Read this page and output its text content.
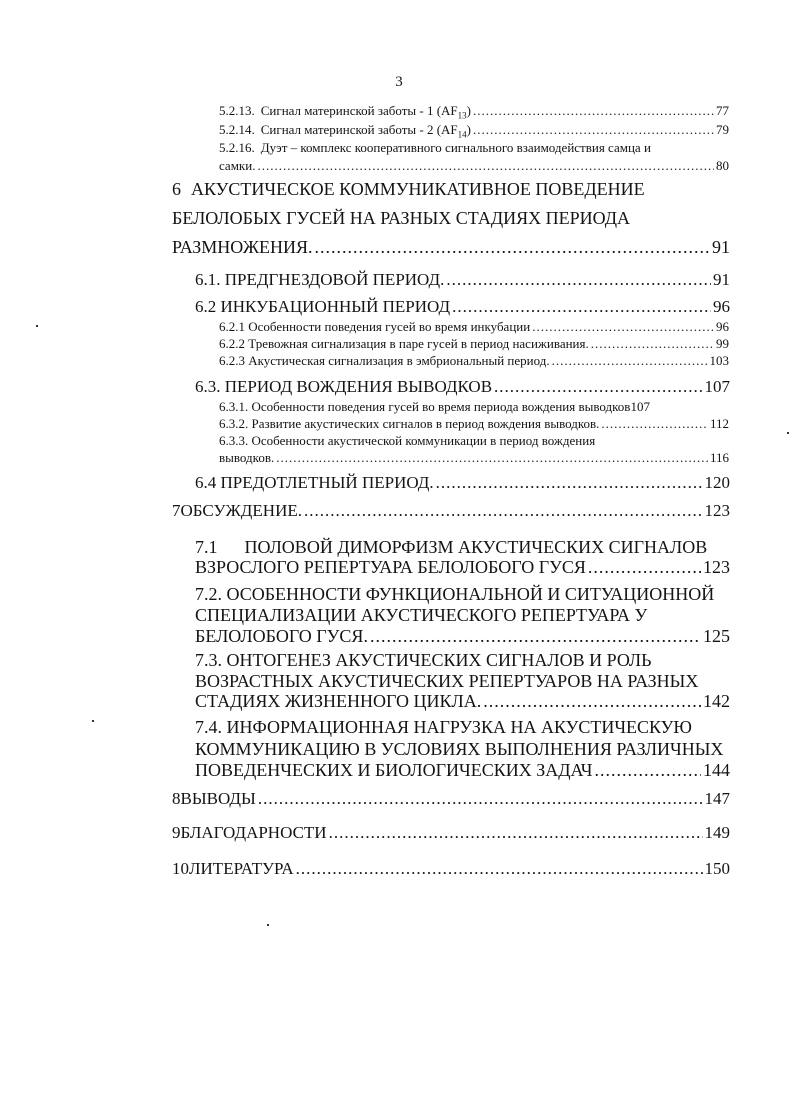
3
5.2.13. Сигнал материнской заботы - 1 $(AF_{13})$ .....	77
5.2.14. Сигнал материнской заботы - 2 $(AF_{14})$ .....	79
5.2.16. Дуэт – комплекс кооперативного сигнального взаимодействия самца и
самки. .....	80
6 АКУСТИЧЕСКОЕ КОММУНИКАТИВНОЕ ПОВЕДЕНИЕ
БЕЛОЛОБЫХ ГУСЕЙ НА РАЗНЫХ СТАДИЯХ ПЕРИОДА
РАЗМНОЖЕНИЯ. .....	91
6.1. ПРЕДГНЕЗДОВОЙ ПЕРИОД. .....	91
6.2 ИНКУБАЦИОННЫЙ ПЕРИОД .....	96
6.2.1 Особенности поведения гусей во время инкубации .....	96
6.2.2 Тревожная сигнализация в паре гусей в период насиживания. .....	99
6.2.3 Акустическая сигнализация в эмбриональный период. .....	103
6.3. ПЕРИОД ВОЖДЕНИЯ ВЫВОДКОВ .....	107
6.3.1. Особенности поведения гусей во время периода вождения выводков 107
6.3.2. Развитие акустических сигналов в период вождения выводков. .....	112
6.3.3. Особенности акустической коммуникации в период вождения
выводков. .....	116
6.4 ПРЕДОТЛЕТНЫЙ ПЕРИОД. .....	120
7 ОБСУЖДЕНИЕ. .....	123
7.1      ПОЛОВОЙ ДИМОРФИЗМ АКУСТИЧЕСКИХ СИГНАЛОВ
ВЗРОСЛОГО РЕПЕРТУАРА БЕЛОЛОБОГО ГУСЯ .....	123
7.2. ОСОБЕННОСТИ ФУНКЦИОНАЛЬНОЙ И СИТУАЦИОННОЙ
СПЕЦИАЛИЗАЦИИ АКУСТИЧЕСКОГО РЕПЕРТУАРА У
БЕЛОЛОБОГО ГУСЯ. .....	125
7.3. ОНТОГЕНЕЗ АКУСТИЧЕСКИХ СИГНАЛОВ И РОЛЬ
ВОЗРАСТНЫХ АКУСТИЧЕСКИХ РЕПЕРТУАРОВ НА РАЗНЫХ
СТАДИЯХ ЖИЗНЕННОГО ЦИКЛА. .....	142
7.4. ИНФОРМАЦИОННАЯ НАГРУЗКА НА АКУСТИЧЕСКУЮ
КОММУНИКАЦИЮ В УСЛОВИЯХ ВЫПОЛНЕНИЯ РАЗЛИЧНЫХ
ПОВЕДЕНЧЕСКИХ И БИОЛОГИЧЕСКИХ ЗАДАЧ .....	144
8 ВЫВОДЫ .....	147
9 БЛАГОДАРНОСТИ .....	149
10 ЛИТЕРАТУРА .....	150
